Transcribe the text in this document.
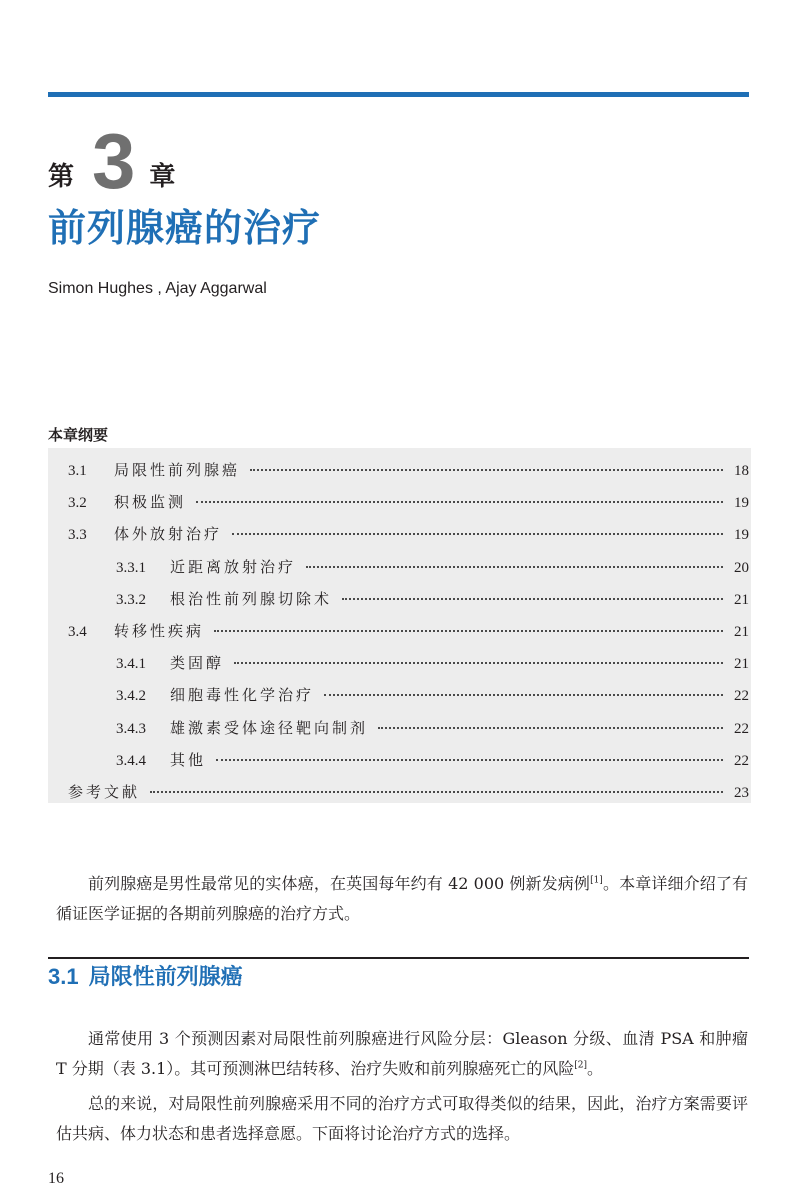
第 3 章
前列腺癌的治疗
Simon Hughes , Ajay Aggarwal
本章纲要
3.1	局限性前列腺癌	18
3.2	积极监测	19
3.3	体外放射治疗	19
3.3.1	近距离放射治疗	20
3.3.2	根治性前列腺切除术	21
3.4	转移性疾病	21
3.4.1	类固醇	21
3.4.2	细胞毒性化学治疗	22
3.4.3	雄激素受体途径靶向制剂	22
3.4.4	其他	22
参考文献	23

前列腺癌是男性最常见的实体癌，在英国每年约有 42 000 例新发病例[1]。本章详细介绍了有循证医学证据的各期前列腺癌的治疗方式。

3.1 局限性前列腺癌

通常使用 3 个预测因素对局限性前列腺癌进行风险分层：Gleason 分级、血清 PSA 和肿瘤 T 分期（表 3.1）。其可预测淋巴结转移、治疗失败和前列腺癌死亡的风险[2]。

总的来说，对局限性前列腺癌采用不同的治疗方式可取得类似的结果，因此，治疗方案需要评估共病、体力状态和患者选择意愿。下面将讨论治疗方式的选择。

16
